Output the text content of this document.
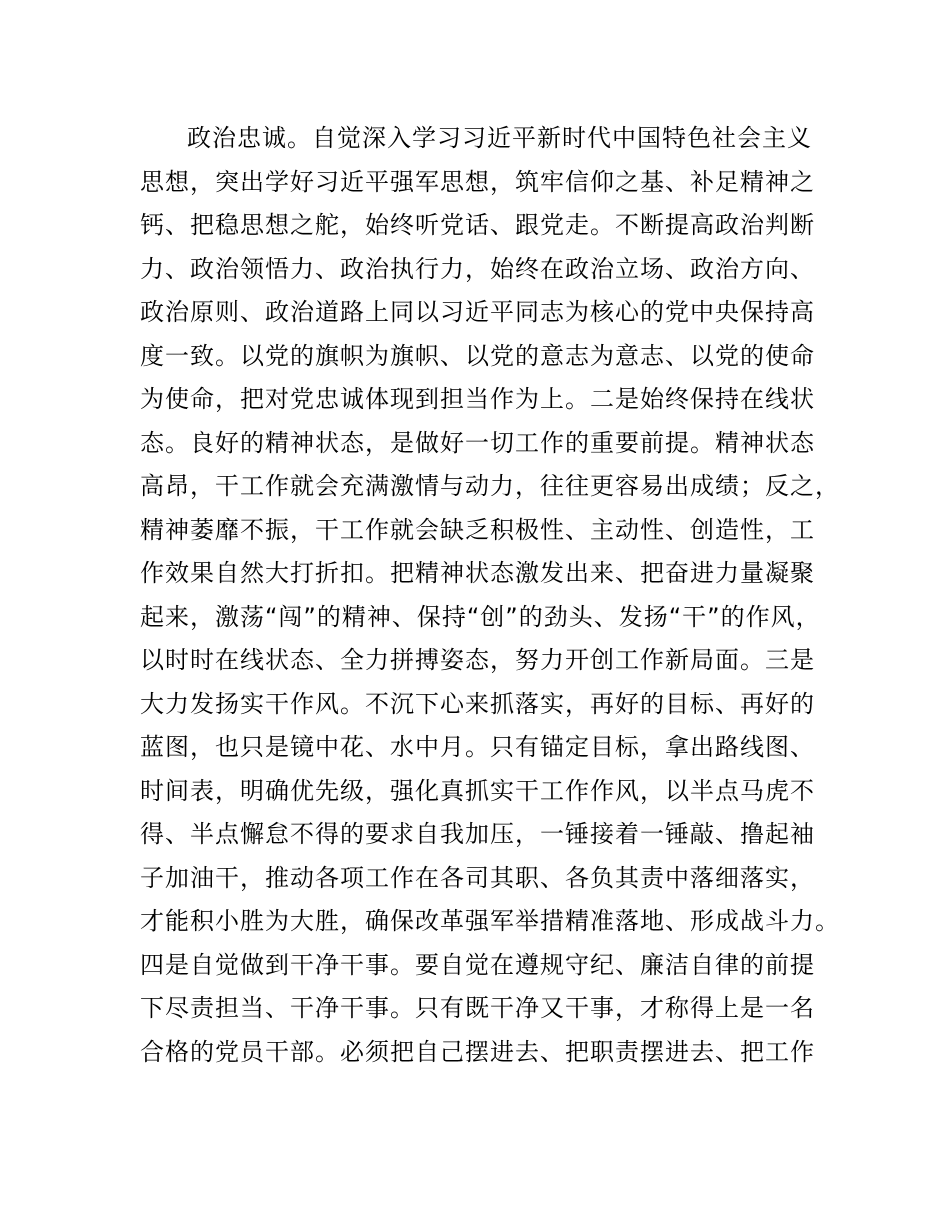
政治忠诚。自觉深入学习习近平新时代中国特色社会主义
思想，突出学好习近平强军思想，筑牢信仰之基、补足精神之
钙、把稳思想之舵，始终听党话、跟党走。不断提高政治判断
力、政治领悟力、政治执行力，始终在政治立场、政治方向、
政治原则、政治道路上同以习近平同志为核心的党中央保持高
度一致。以党的旗帜为旗帜、以党的意志为意志、以党的使命
为使命，把对党忠诚体现到担当作为上。二是始终保持在线状
态。良好的精神状态，是做好一切工作的重要前提。精神状态
高昂，干工作就会充满激情与动力，往往更容易出成绩；反之，
精神萎靡不振，干工作就会缺乏积极性、主动性、创造性，工
作效果自然大打折扣。把精神状态激发出来、把奋进力量凝聚
起来，激荡“闯”的精神、保持“创”的劲头、发扬“干”的作风，
以时时在线状态、全力拼搏姿态，努力开创工作新局面。三是
大力发扬实干作风。不沉下心来抓落实，再好的目标、再好的
蓝图，也只是镜中花、水中月。只有锚定目标，拿出路线图、
时间表，明确优先级，强化真抓实干工作作风，以半点马虎不
得、半点懈怠不得的要求自我加压，一锤接着一锤敲、撸起袖
子加油干，推动各项工作在各司其职、各负其责中落细落实，
才能积小胜为大胜，确保改革强军举措精准落地、形成战斗力。
四是自觉做到干净干事。要自觉在遵规守纪、廉洁自律的前提
下尽责担当、干净干事。只有既干净又干事，才称得上是一名
合格的党员干部。必须把自己摆进去、把职责摆进去、把工作
